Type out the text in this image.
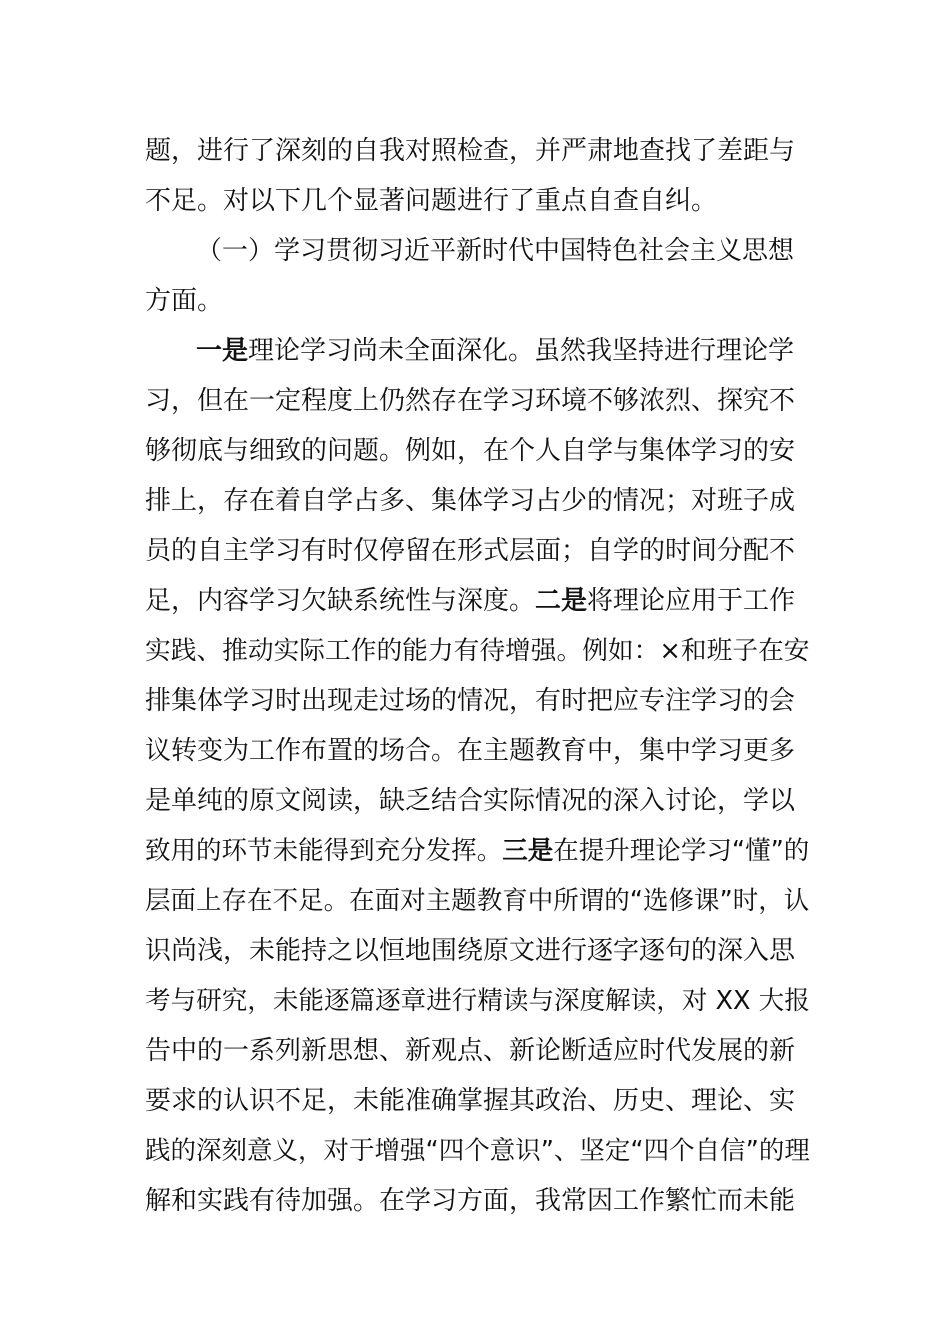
题，进行了深刻的自我对照检查，并严肃地查找了差距与
不足。对以下几个显著问题进行了重点自查自纠。
（一）学习贯彻习近平新时代中国特色社会主义思想
方面。
一是理论学习尚未全面深化。虽然我坚持进行理论学
习，但在一定程度上仍然存在学习环境不够浓烈、探究不
够彻底与细致的问题。例如，在个人自学与集体学习的安
排上，存在着自学占多、集体学习占少的情况；对班子成
员的自主学习有时仅停留在形式层面；自学的时间分配不
足，内容学习欠缺系统性与深度。二是将理论应用于工作
实践、推动实际工作的能力有待增强。例如：×和班子在安
排集体学习时出现走过场的情况，有时把应专注学习的会
议转变为工作布置的场合。在主题教育中，集中学习更多
是单纯的原文阅读，缺乏结合实际情况的深入讨论，学以
致用的环节未能得到充分发挥。三是在提升理论学习“懂”的
层面上存在不足。在面对主题教育中所谓的“选修课”时，认
识尚浅，未能持之以恒地围绕原文进行逐字逐句的深入思
考与研究，未能逐篇逐章进行精读与深度解读，对 XX 大报
告中的一系列新思想、新观点、新论断适应时代发展的新
要求的认识不足，未能准确掌握其政治、历史、理论、实
践的深刻意义，对于增强“四个意识”、坚定“四个自信”的理
解和实践有待加强。在学习方面，我常因工作繁忙而未能
